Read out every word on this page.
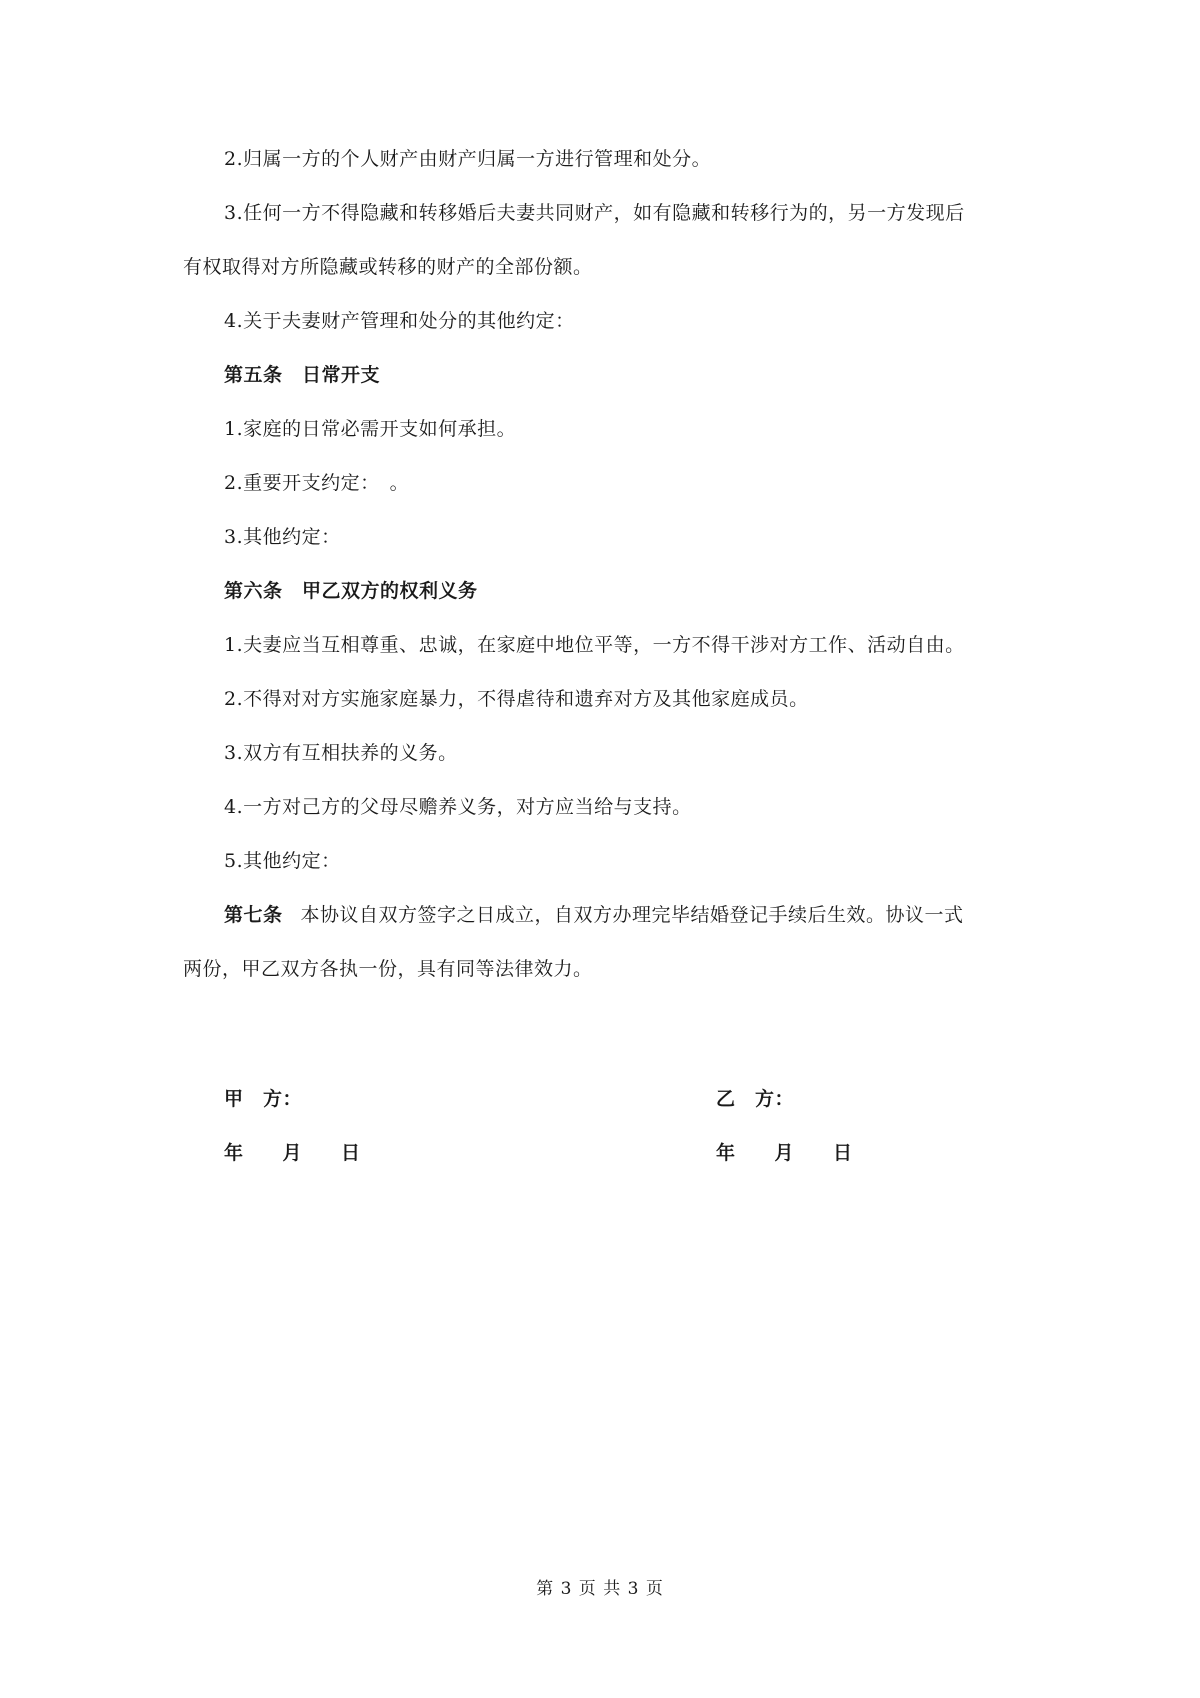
2.归属一方的个人财产由财产归属一方进行管理和处分。
3.任何一方不得隐藏和转移婚后夫妻共同财产，如有隐藏和转移行为的，另一方发现后
有权取得对方所隐藏或转移的财产的全部份额。
4.关于夫妻财产管理和处分的其他约定：
第五条　日常开支
1.家庭的日常必需开支如何承担。
2.重要开支约定：　。
3.其他约定：
第六条　甲乙双方的权利义务
1.夫妻应当互相尊重、忠诚，在家庭中地位平等，一方不得干涉对方工作、活动自由。
2.不得对对方实施家庭暴力，不得虐待和遗弃对方及其他家庭成员。
3.双方有互相扶养的义务。
4.一方对己方的父母尽赡养义务，对方应当给与支持。
5.其他约定：
第七条 本协议自双方签字之日成立，自双方办理完毕结婚登记手续后生效。协议一式
两份，甲乙双方各执一份，具有同等法律效力。
甲　方：	乙　方：
年　　月　　日	年　　月　　日
第 3 页 共 3 页
